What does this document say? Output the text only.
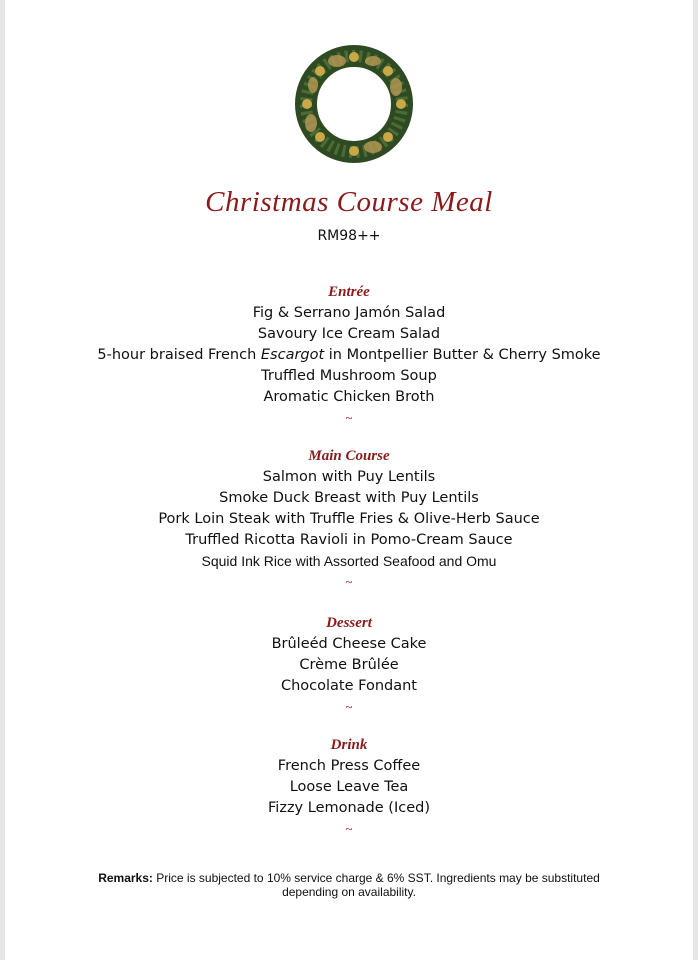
Christmas Course Meal
RM98++
Entrée
Fig & Serrano Jamón Salad
Savoury Ice Cream Salad
5-hour braised French Escargot in Montpellier Butter & Cherry Smoke
Truffled Mushroom Soup
Aromatic Chicken Broth
~
Main Course
Salmon with Puy Lentils
Smoke Duck Breast with Puy Lentils
Pork Loin Steak with Truffle Fries & Olive-Herb Sauce
Truffled Ricotta Ravioli in Pomo-Cream Sauce
Squid Ink Rice with Assorted Seafood and Omu
~
Dessert
Brûleéd Cheese Cake
Crème Brûlée
Chocolate Fondant
~
Drink
French Press Coffee
Loose Leave Tea
Fizzy Lemonade (Iced)
~
Remarks: Price is subjected to 10% service charge & 6% SST. Ingredients may be substituted depending on availability.
